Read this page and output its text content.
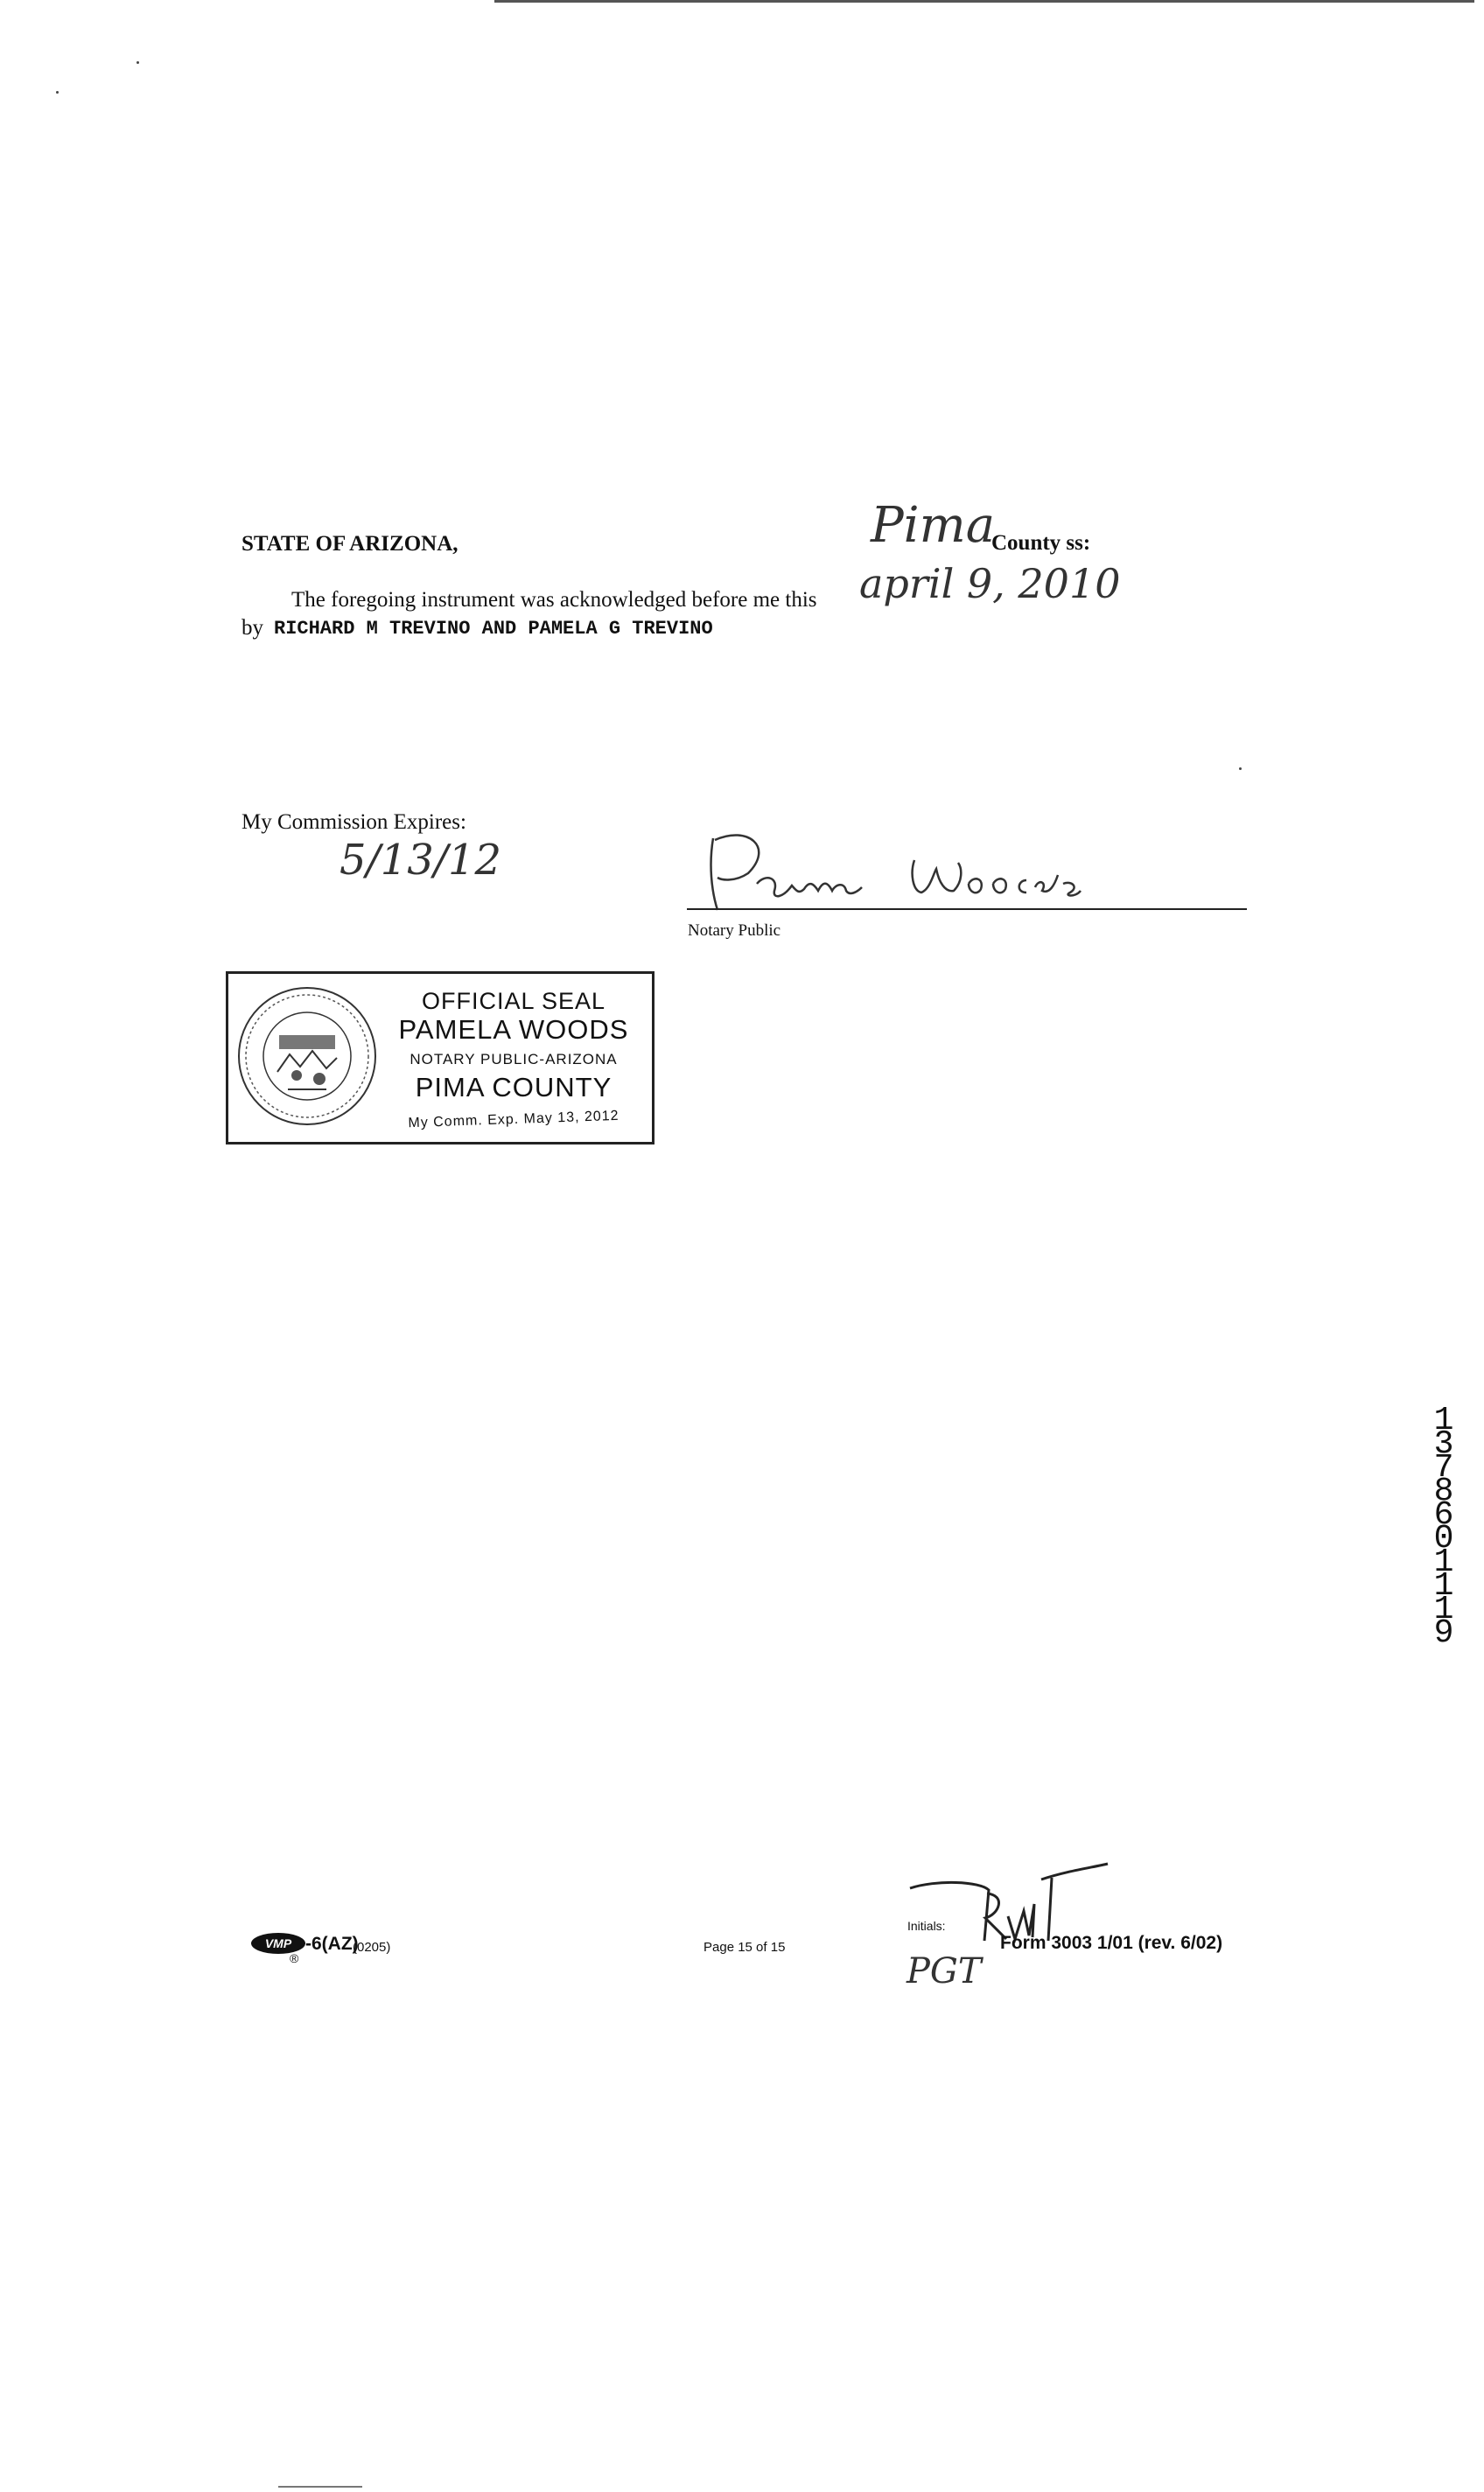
STATE OF ARIZONA,	Pima
County ss:
The foregoing instrument was acknowledged before me this april 9, 2010
by RICHARD M TREVINO AND PAMELA G TREVINO
My Commission Expires:
5/13/12
Notary Public
OFFICIAL SEAL
PAMELA WOODS
NOTARY PUBLIC-ARIZONA
PIMA COUNTY
My Comm. Exp. May 13, 2012
13786 01119
VMP -6(AZ)
(0205)
®
Page 15 of 15
Initials:
Form 3003 1/01 (rev. 6/02)
PGT
